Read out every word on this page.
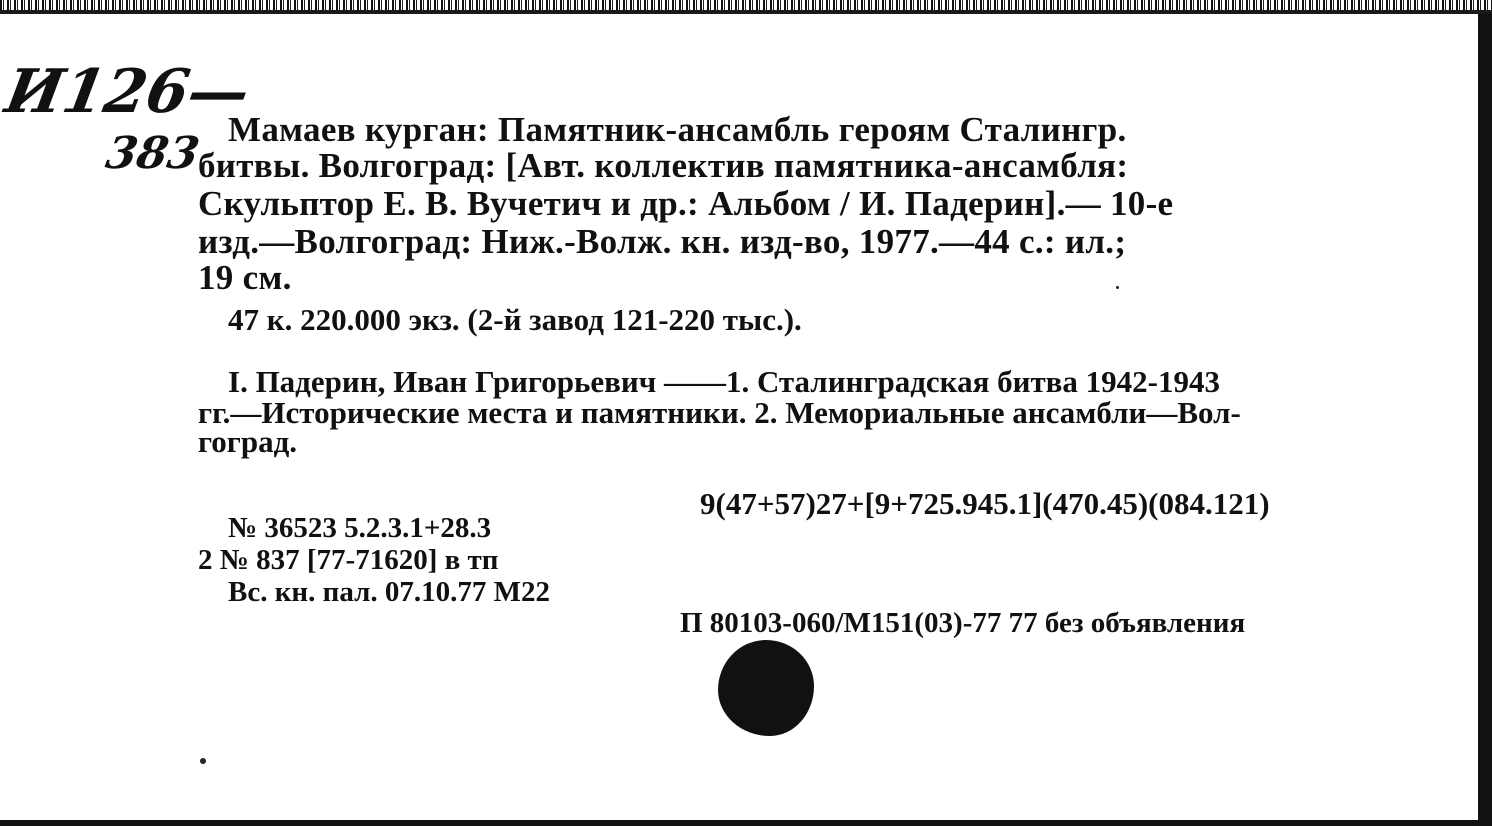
И126—
383 Мамаев курган: Памятник-ансамбль героям Сталингр.
битвы. Волгоград: [Авт. коллектив памятника-ансамбля:
Скульптор Е. В. Вучетич и др.: Альбом / И. Падерин].— 10-е
изд.—Волгоград: Ниж.-Волж. кн. изд-во, 1977.—44 с.: ил.;
19 см.
47 к. 220.000 экз. (2-й завод 121-220 тыс.).
I. Падерин, Иван Григорьевич ——1. Сталинградская битва 1942-1943
гг.—Исторические места и памятники. 2. Мемориальные ансамбли—Вол-
гоград.
9(47+57)27+[9+725.945.1](470.45)(084.121)
№ 36523 5.2.3.1+28.3
2 № 837 [77-71620] в тп
Вс. кн. пал. 07.10.77 М22
П 80103-060/М151(03)-77 77 без объявления
